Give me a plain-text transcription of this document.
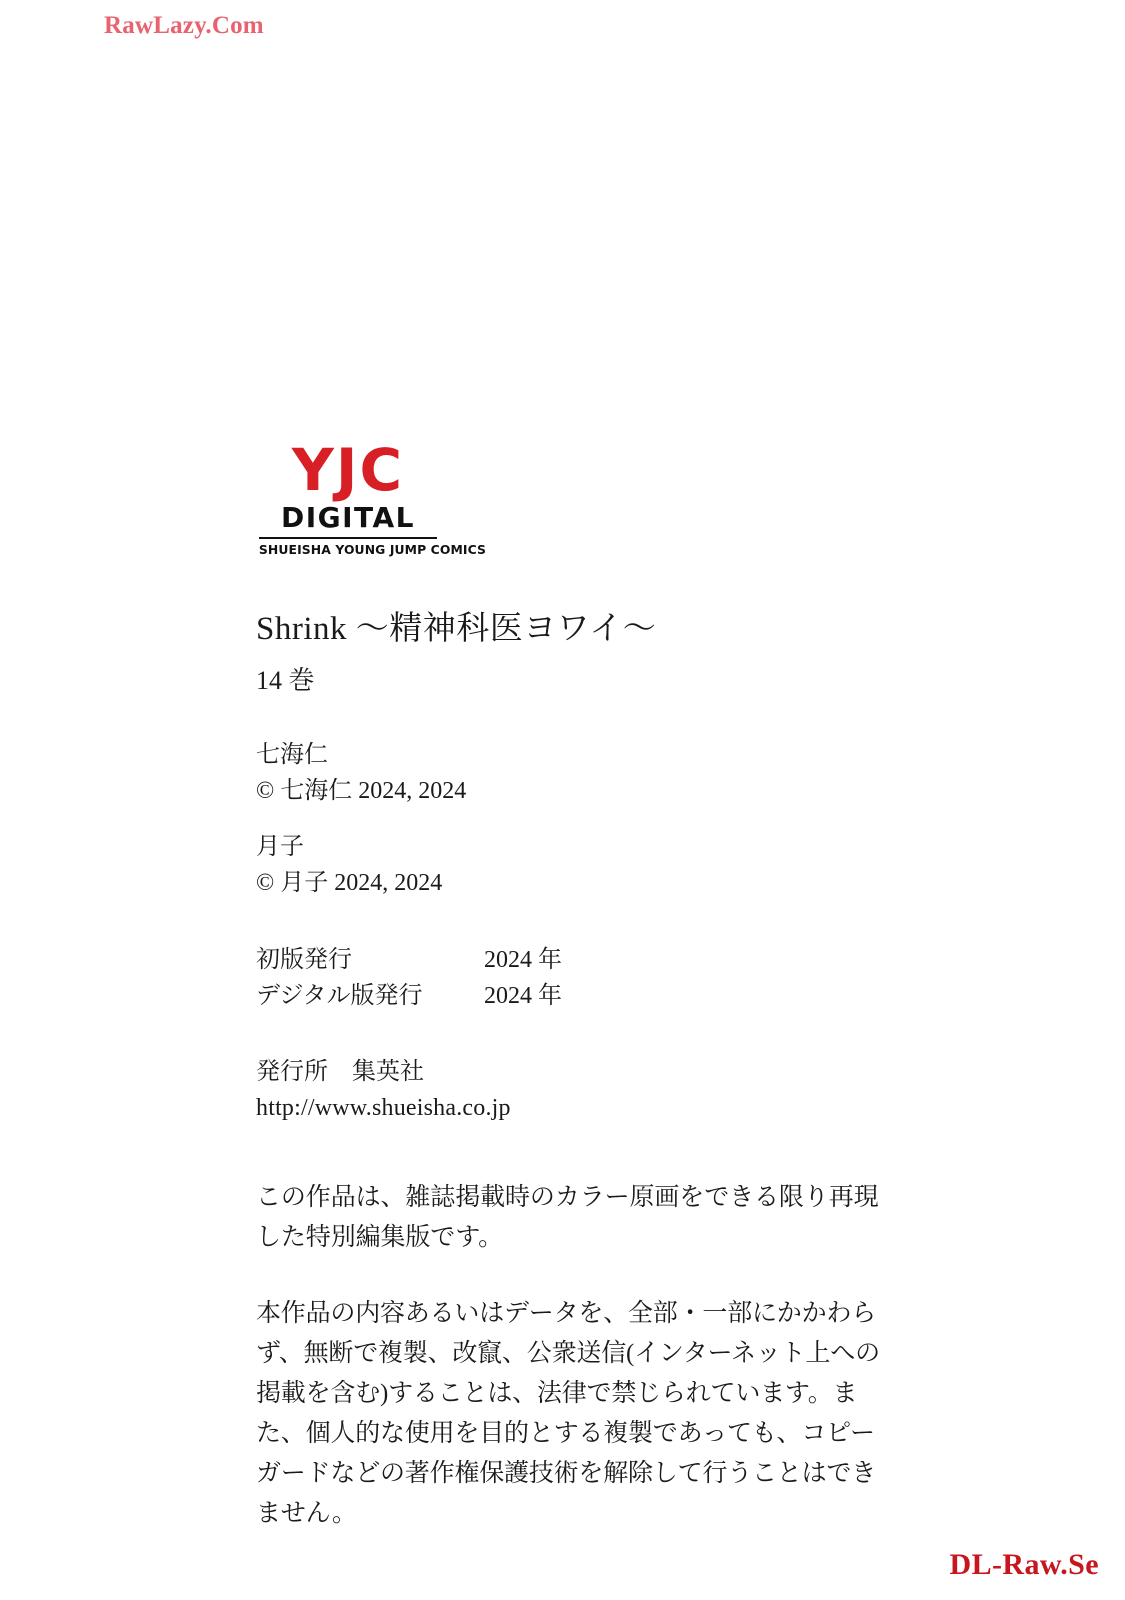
RawLazy.Com
YJC
DIGITAL
SHUEISHA YOUNG JUMP COMICS
Shrink 〜精神科医ヨワイ〜
14 巻
七海仁
© 七海仁 2024, 2024
月子
© 月子 2024, 2024
初版発行	2024 年
デジタル版発行	2024 年
発行所　集英社
http://www.shueisha.co.jp
この作品は、雑誌掲載時のカラー原画をできる限り再現した特別編集版です。
本作品の内容あるいはデータを、全部・一部にかかわらず、無断で複製、改竄、公衆送信(インターネット上への掲載を含む)することは、法律で禁じられています。また、個人的な使用を目的とする複製であっても、コピーガードなどの著作権保護技術を解除して行うことはできません。
DL-Raw.Se
